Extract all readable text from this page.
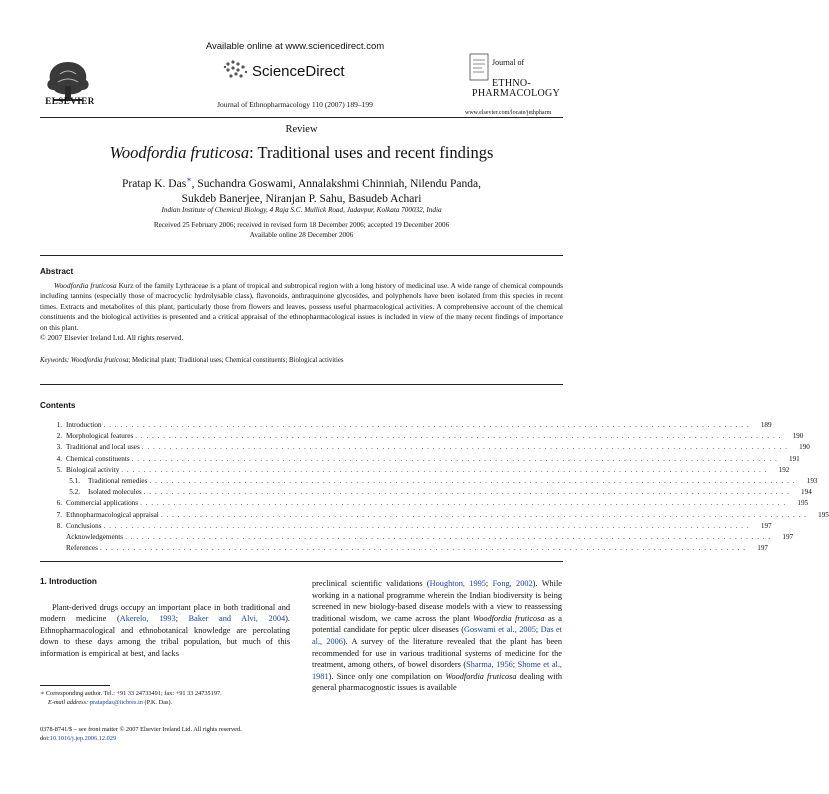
ELSEVIER
Available online at www.sciencedirect.com
ScienceDirect
Journal of Ethnopharmacology 110 (2007) 189–199
Journal of
ETHNO-
PHARMACOLOGY
www.elsevier.com/locate/jethpharm
Review
Woodfordia fruticosa: Traditional uses and recent findings
Pratap K. Das∗, Suchandra Goswami, Annalakshmi Chinniah, Nilendu Panda,
Sukdeb Banerjee, Niranjan P. Sahu, Basudeb Achari
Indian Institute of Chemical Biology, 4 Raja S.C. Mullick Road, Jadavpur, Kolkata 700032, India
Received 25 February 2006; received in revised form 18 December 2006; accepted 19 December 2006
Available online 28 December 2006
Abstract

Woodfordia fruticosa Kurz of the family Lythraceae is a plant of tropical and subtropical region with a long history of medicinal use. A wide range of chemical compounds including tannins (especially those of macrocyclic hydrolysable class), flavonoids, anthraquinone glycosides, and polyphenols have been isolated from this species in recent times. Extracts and metabolites of this plant, particularly those from flowers and leaves, possess useful pharmacological activities. A comprehensive account of the chemical constituents and the biological activities is presented and a critical appraisal of the ethnopharmacological issues is included in view of the many recent findings of importance on this plant.

© 2007 Elsevier Ireland Ltd. All rights reserved.

Keywords: Woodfordia fruticosa; Medicinal plant; Traditional uses; Chemical constituents; Biological activities
Contents
1. Introduction . . . . . . . . . . . . . . . . . . . . . . . . . . . . . . . . . . . . . . . . . . . . . . . . . . . . . . . . . . . . . . . . . . . . . . . . . . . . . . . . . . . . . . . . . . . . . . . . . . . . . . . . . . . . . . . . . . . .	189
2. Morphological features . . . . . . . . . . . . . . . . . . . . . . . . . . . . . . . . . . . . . . . . . . . . . . . . . . . . . . . . . . . . . . . . . . . . . . . . . . . . . . . . . . . . . . . . . . . . . . . . . . . . . . . . . . . . . . . . . . . .	190
3. Traditional and local uses . . . . . . . . . . . . . . . . . . . . . . . . . . . . . . . . . . . . . . . . . . . . . . . . . . . . . . . . . . . . . . . . . . . . . . . . . . . . . . . . . . . . . . . . . . . . . . . . . . . . . . . . . . . . . . . . . . . .	190
4. Chemical constituents . . . . . . . . . . . . . . . . . . . . . . . . . . . . . . . . . . . . . . . . . . . . . . . . . . . . . . . . . . . . . . . . . . . . . . . . . . . . . . . . . . . . . . . . . . . . . . . . . . . . . . . . . . . . . . . . . . . .	191
5. Biological activity . . . . . . . . . . . . . . . . . . . . . . . . . . . . . . . . . . . . . . . . . . . . . . . . . . . . . . . . . . . . . . . . . . . . . . . . . . . . . . . . . . . . . . . . . . . . . . . . . . . . . . . . . . . . . . . . . . . .	192
5.1.	Traditional remedies . . . . . . . . . . . . . . . . . . . . . . . . . . . . . . . . . . . . . . . . . . . . . . . . . . . . . . . . . . . . . . . . . . . . . . . . . . . . . . . . . . . . . . . . . . . . . . . . . . . . . . . . . . . . . . . . . . . .	193
5.2.	Isolated molecules . . . . . . . . . . . . . . . . . . . . . . . . . . . . . . . . . . . . . . . . . . . . . . . . . . . . . . . . . . . . . . . . . . . . . . . . . . . . . . . . . . . . . . . . . . . . . . . . . . . . . . . . . . . . . . . . . . . .	194
6. Commercial applications . . . . . . . . . . . . . . . . . . . . . . . . . . . . . . . . . . . . . . . . . . . . . . . . . . . . . . . . . . . . . . . . . . . . . . . . . . . . . . . . . . . . . . . . . . . . . . . . . . . . . . . . . . . . . . . . . . . .	195
7. Ethnopharmacological appraisal . . . . . . . . . . . . . . . . . . . . . . . . . . . . . . . . . . . . . . . . . . . . . . . . . . . . . . . . . . . . . . . . . . . . . . . . . . . . . . . . . . . . . . . . . . . . . . . . . . . . . . . . . . . . . . . . . . . .	195
8. Conclusions . . . . . . . . . . . . . . . . . . . . . . . . . . . . . . . . . . . . . . . . . . . . . . . . . . . . . . . . . . . . . . . . . . . . . . . . . . . . . . . . . . . . . . . . . . . . . . . . . . . . . . . . . . . . . . . . . . . .	197
Acknowledgements . . . . . . . . . . . . . . . . . . . . . . . . . . . . . . . . . . . . . . . . . . . . . . . . . . . . . . . . . . . . . . . . . . . . . . . . . . . . . . . . . . . . . . . . . . . . . . . . . . . . . . . . . . . . . . . . . . . .	197
References . . . . . . . . . . . . . . . . . . . . . . . . . . . . . . . . . . . . . . . . . . . . . . . . . . . . . . . . . . . . . . . . . . . . . . . . . . . . . . . . . . . . . . . . . . . . . . . . . . . . . . . . . . . . . . . . . . . .	197
1. Introduction

Plant-derived drugs occupy an important place in both traditional and modern medicine (Akerelo, 1993; Baker and Alvi, 2004). Ethnopharmacological and ethnobotanical knowledge are percolating down to these days among the tribal population, but much of this information is empirical at best, and lacks

preclinical scientific validations (Houghton, 1995; Fong, 2002). While working in a national programme wherein the Indian biodiversity is being screened in new biology-based disease models with a view to reassessing traditional wisdom, we came across the plant Woodfordia fruticosa as a potential candidate for peptic ulcer diseases (Goswami et al., 2005; Das et al., 2006). A survey of the literature revealed that the plant has been recommended for use in various traditional systems of medicine for the treatment, among others, of bowel disorders (Sharma, 1956; Shome et al., 1981). Since only one compilation on Woodfordia fruticosa dealing with general pharmacognostic issues is available

∗ Corresponding author. Tel.: +91 33 24733491; fax: +91 33 24735197.
E-mail address: pratapdas@iicbres.in (P.K. Das).
0378-8741/$ – see front matter © 2007 Elsevier Ireland Ltd. All rights reserved.
doi:10.1016/j.jep.2006.12.029
